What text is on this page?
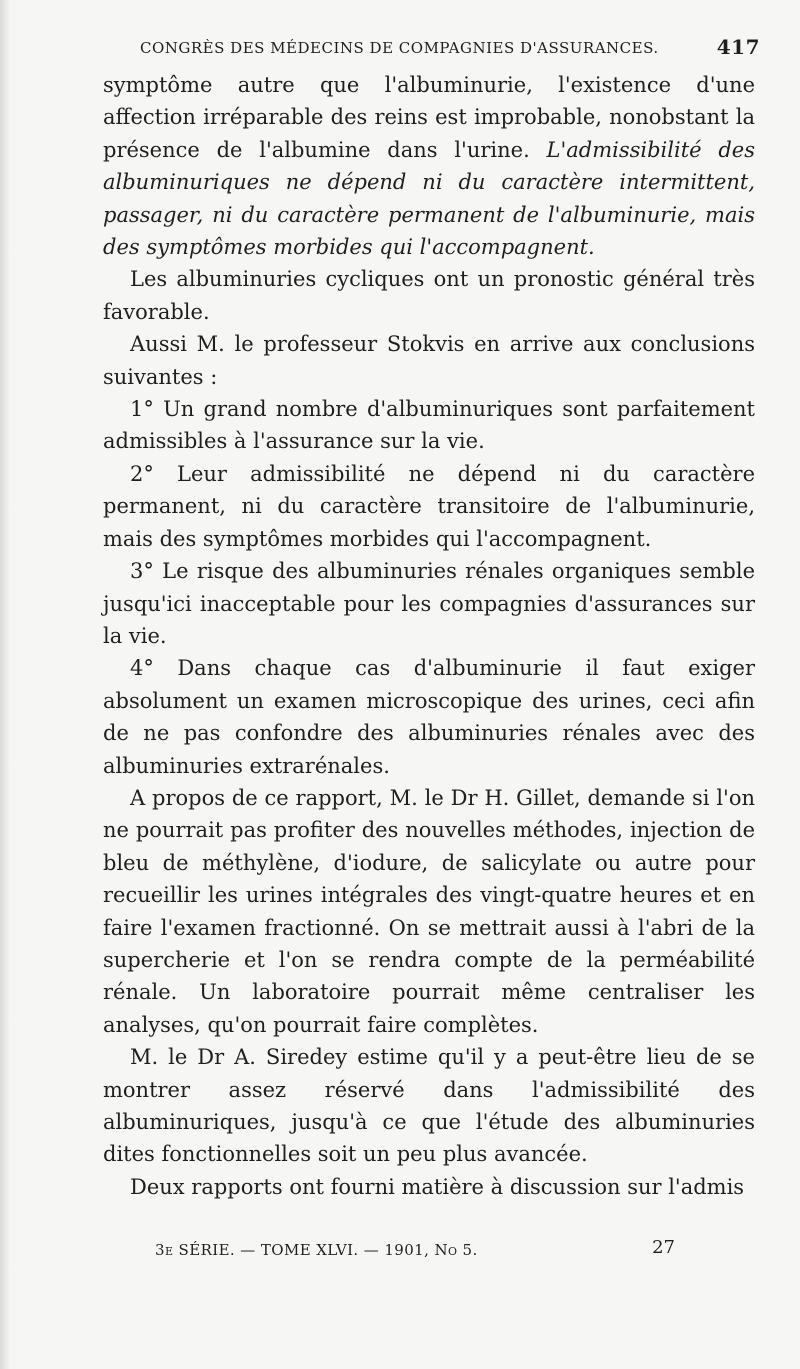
CONGRÈS DES MÉDECINS DE COMPAGNIES D'ASSURANCES.	417

symptôme autre que l'albuminurie, l'existence d'une affection irréparable des reins est improbable, nonobstant la présence de l'albumine dans l'urine. L'admissibilité des albuminuriques ne dépend ni du caractère intermittent, passager, ni du caractère permanent de l'albuminurie, mais des symptômes morbides qui l'accompagnent.

Les albuminuries cycliques ont un pronostic général très favorable.

Aussi M. le professeur Stokvis en arrive aux conclusions suivantes :

1° Un grand nombre d'albuminuriques sont parfaitement admissibles à l'assurance sur la vie.

2° Leur admissibilité ne dépend ni du caractère permanent, ni du caractère transitoire de l'albuminurie, mais des symptômes morbides qui l'accompagnent.

3° Le risque des albuminuries rénales organiques semble jusqu'ici inacceptable pour les compagnies d'assurances sur la vie.

4° Dans chaque cas d'albuminurie il faut exiger absolument un examen microscopique des urines, ceci afin de ne pas confondre des albuminuries rénales avec des albuminuries extrarénales.

A propos de ce rapport, M. le Dr H. Gillet, demande si l'on ne pourrait pas profiter des nouvelles méthodes, injection de bleu de méthylène, d'iodure, de salicylate ou autre pour recueillir les urines intégrales des vingt-quatre heures et en faire l'examen fractionné. On se mettrait aussi à l'abri de la supercherie et l'on se rendra compte de la perméabilité rénale. Un laboratoire pourrait même centraliser les analyses, qu'on pourrait faire complètes.

M. le Dr A. Siredey estime qu'il y a peut-être lieu de se montrer assez réservé dans l'admissibilité des albuminuriques, jusqu'à ce que l'étude des albuminuries dites fonctionnelles soit un peu plus avancée.

Deux rapports ont fourni matière à discussion sur l'admis

3e SÉRIE. — TOME XLVI. — 1901, No 5.	27
